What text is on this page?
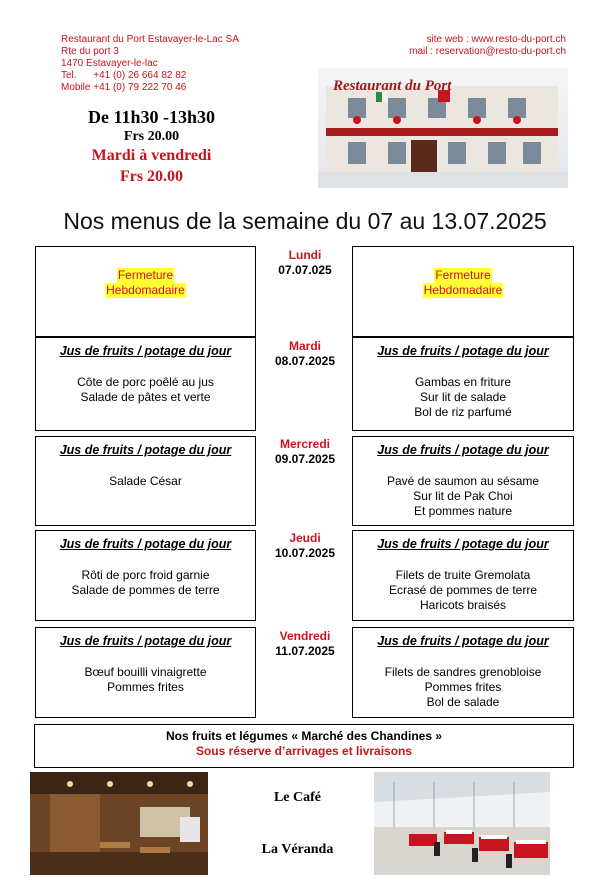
Restaurant du Port Estavayer-le-Lac SA
Rte du port 3
1470 Estavayer-le-lac
Tel.      +41 (0) 26 664 82 82
Mobile +41 (0) 79 222 70 46
site web : www.resto-du-port.ch
mail : reservation@resto-du-port.ch
De 11h30 -13h30
Frs 20.00
Mardi à vendredi
Frs 20.00
Restaurant du Port
Nos menus de la semaine du 07 au 13.07.2025
Fermeture
Hebdomadaire
Lundi
07.07.025	Fermeture
Hebdomadaire
Jus de fruits / potage du jour
Côte de porc poêlé au jus
Salade de pâtes et verte
Mardi
08.07.2025
Jus de fruits / potage du jour
Gambas en friture
Sur lit de salade
Bol de riz parfumé
Jus de fruits / potage du jour
Salade César
Mercredi
09.07.2025
Jus de fruits / potage du jour
Pavé de saumon au sésame
Sur lit de Pak Choi
Et pommes nature
Jus de fruits / potage du jour
Rôti de porc froid garnie
Salade de pommes de terre
Jeudi
10.07.2025
Jus de fruits / potage du jour
Filets de truite Gremolata
Ecrasé de pommes de terre
Haricots braisés
Jus de fruits / potage du jour
Bœuf bouilli vinaigrette
Pommes frites
Vendredi
11.07.2025
Jus de fruits / potage du jour
Filets de sandres grenobloise
Pommes frites
Bol de salade
Nos fruits et légumes « Marché des Chandines »
Sous réserve d’arrivages et livraisons
Le Café
La Véranda
